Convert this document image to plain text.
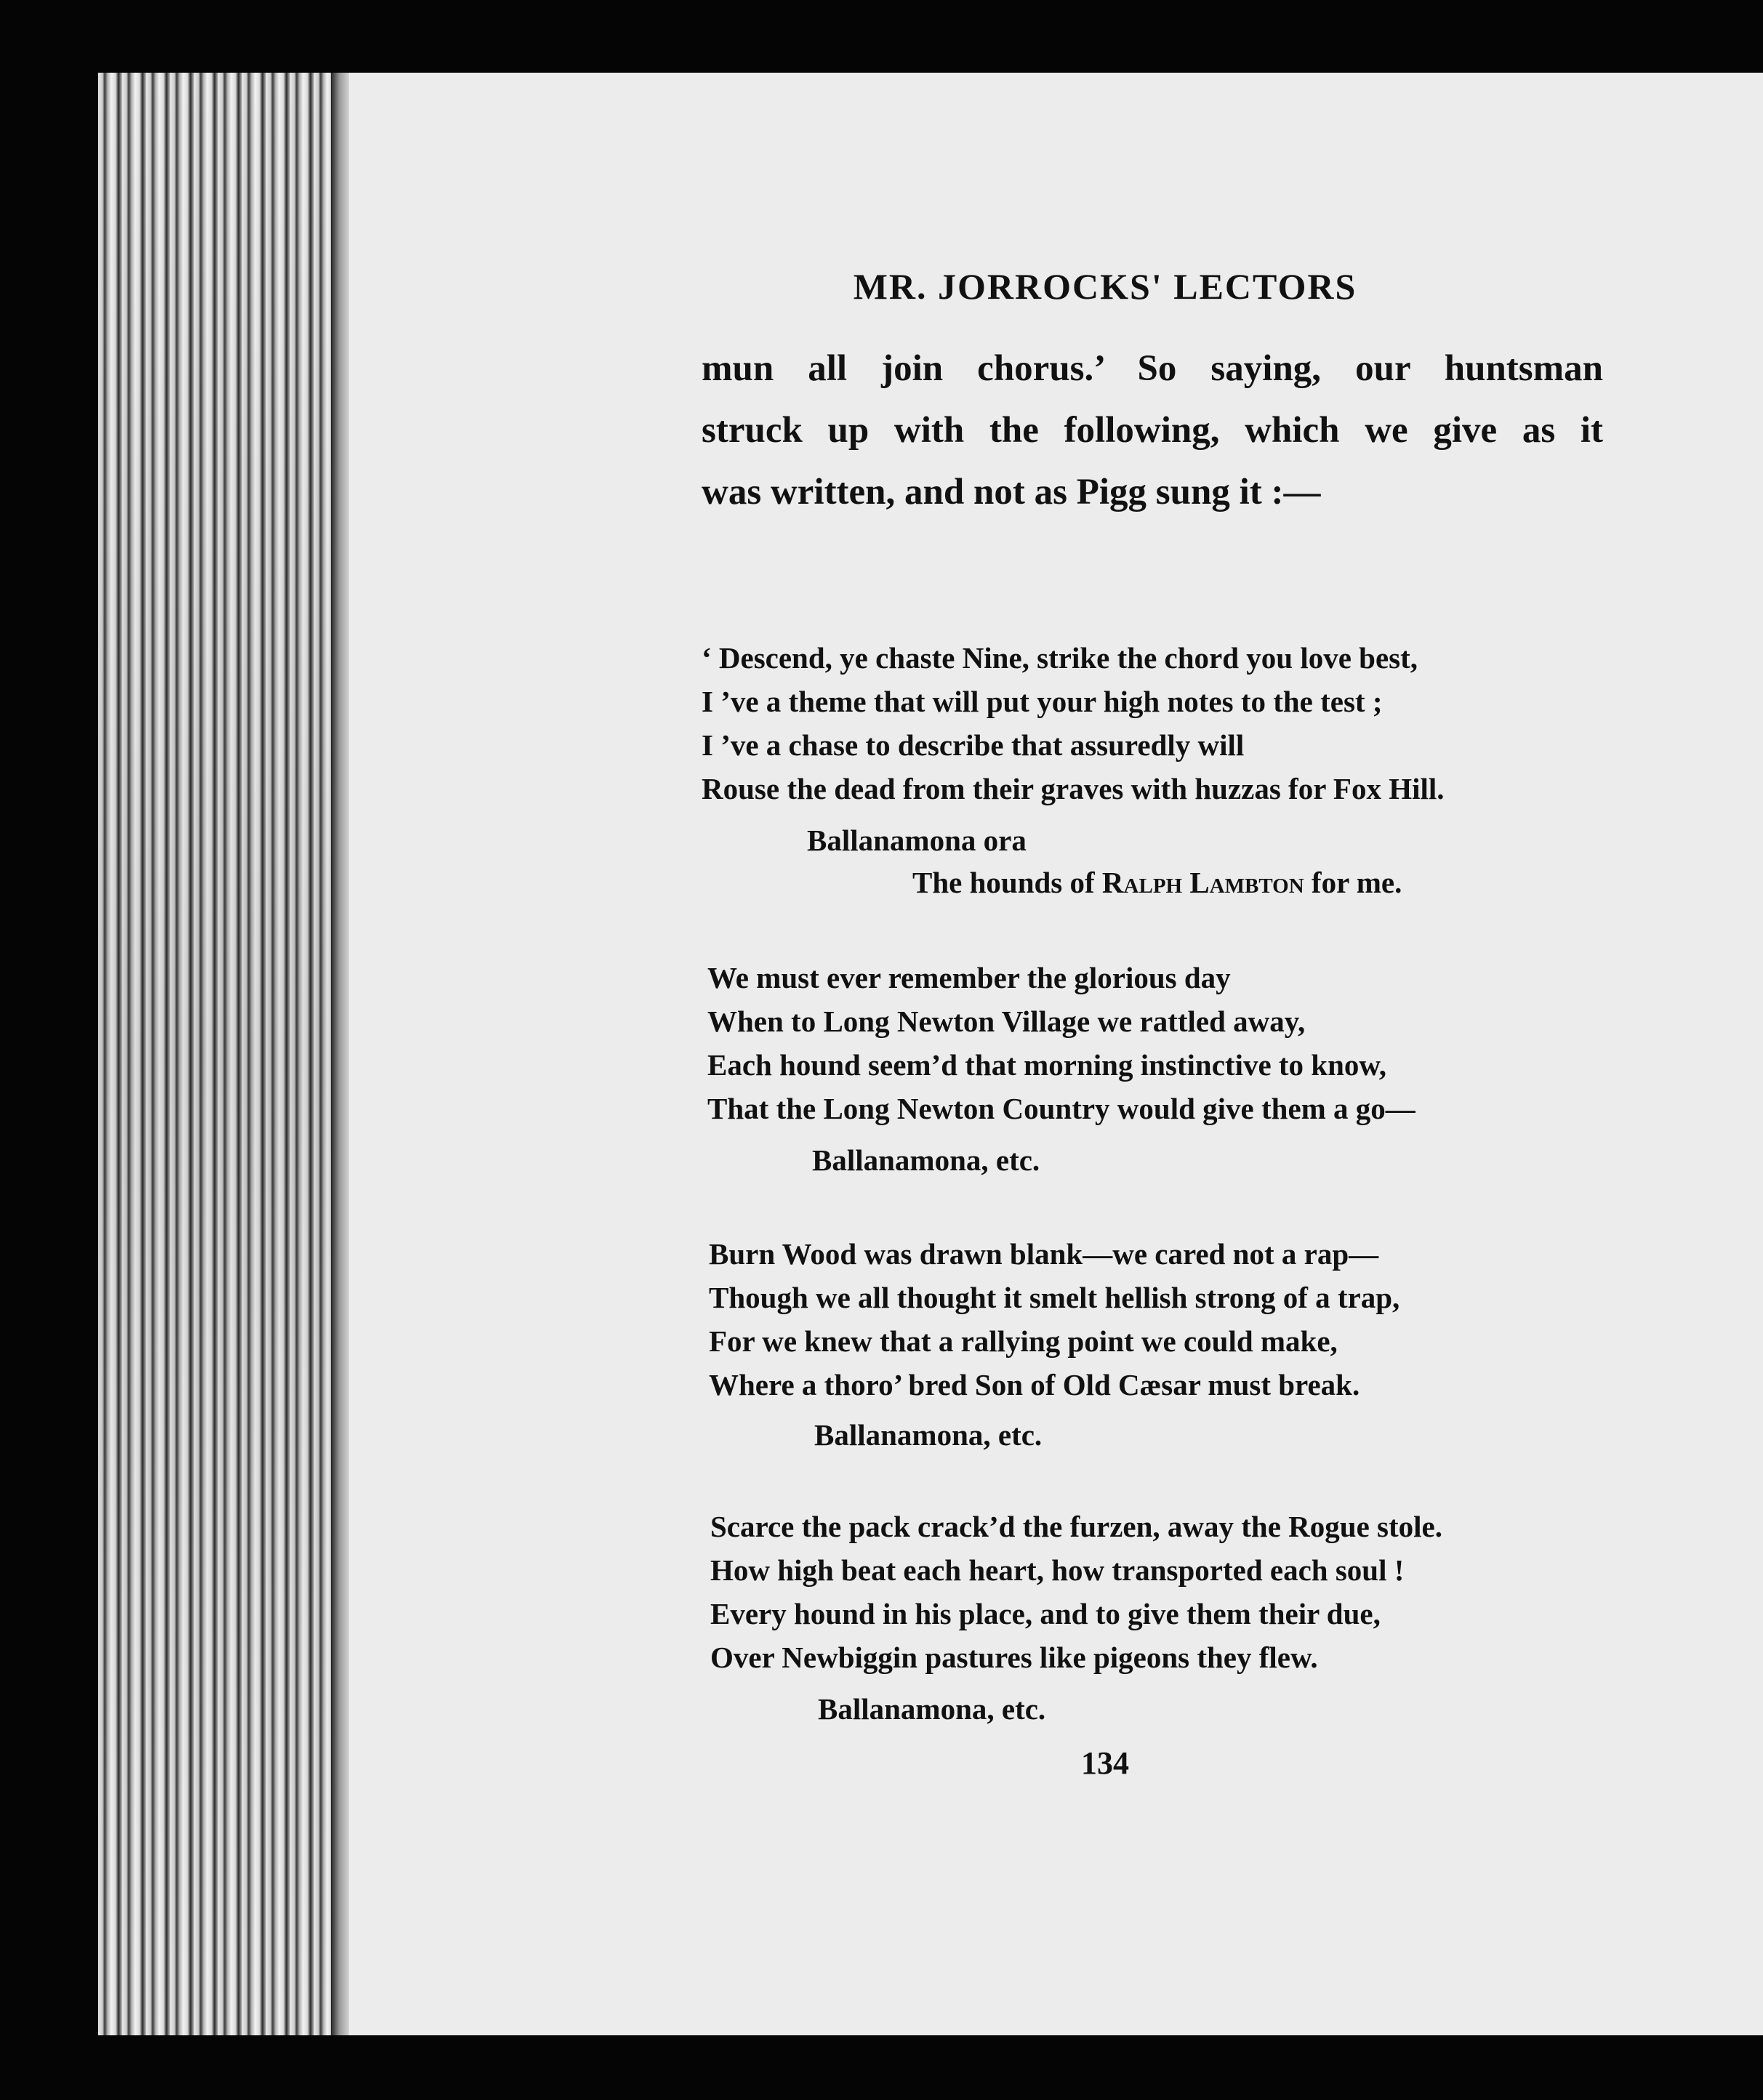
MR. JORROCKS' LECTORS
mun all join chorus.’ So saying, our huntsman
struck up with the following, which we give as it
was written, and not as Pigg sung it :—
‘ Descend, ye chaste Nine, strike the chord you love best,
I ’ve a theme that will put your high notes to the test ;
I ’ve a chase to describe that assuredly will
Rouse the dead from their graves with huzzas for Fox Hill.
Ballanamona ora
The hounds of Ralph Lambton for me.
We must ever remember the glorious day
When to Long Newton Village we rattled away,
Each hound seem’d that morning instinctive to know,
That the Long Newton Country would give them a go—
Ballanamona, etc.
Burn Wood was drawn blank—we cared not a rap—
Though we all thought it smelt hellish strong of a trap,
For we knew that a rallying point we could make,
Where a thoro’ bred Son of Old Cæsar must break.
Ballanamona, etc.
Scarce the pack crack’d the furzen, away the Rogue stole.
How high beat each heart, how transported each soul !
Every hound in his place, and to give them their due,
Over Newbiggin pastures like pigeons they flew.
Ballanamona, etc.
134
